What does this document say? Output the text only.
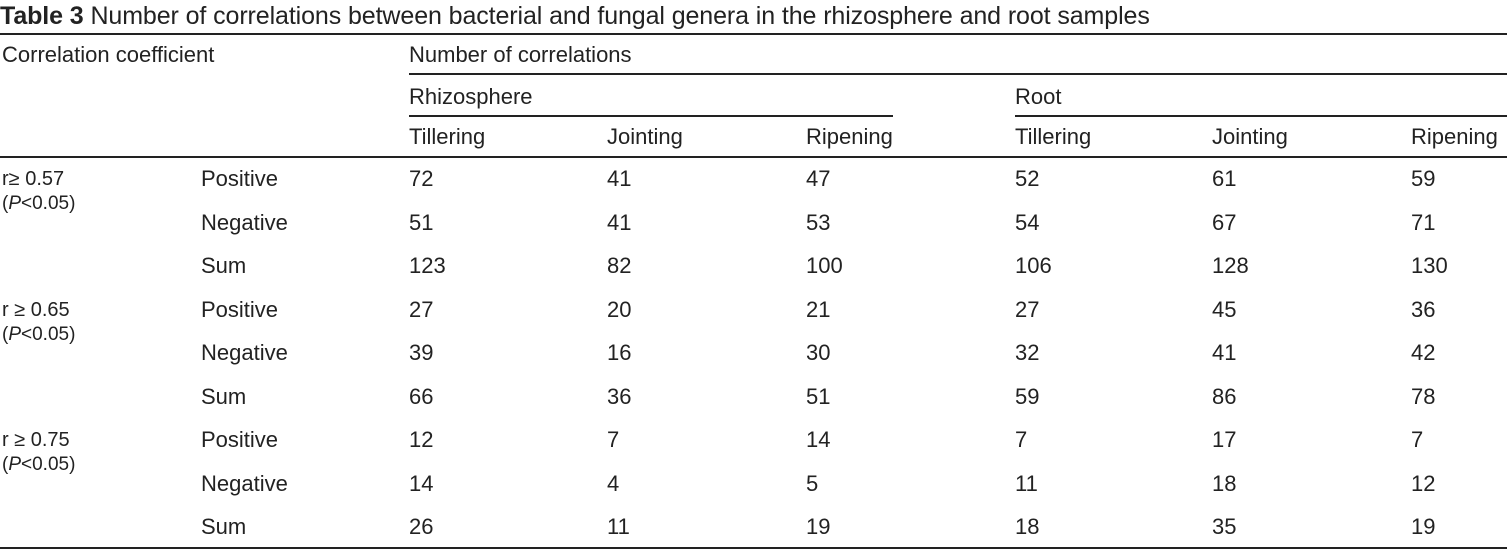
Table 3 Number of correlations between bacterial and fungal genera in the rhizosphere and root samples
Correlation coefficient	Number of correlations
Rhizosphere	Root
Tillering	Jointing	Ripening	Tillering	Jointing	Ripening
r≥ 0.57
(P<0.05)
Positive	72	41	47	52	61	59
Negative	51	41	53	54	67	71
Sum	123	82	100	106	128	130
r ≥ 0.65
(P<0.05)
Positive	27	20	21	27	45	36
Negative	39	16	30	32	41	42
Sum	66	36	51	59	86	78
r ≥ 0.75
(P<0.05)
Positive	12	7	14	7	17	7
Negative	14	4	5	11	18	12
Sum	26	11	19	18	35	19
